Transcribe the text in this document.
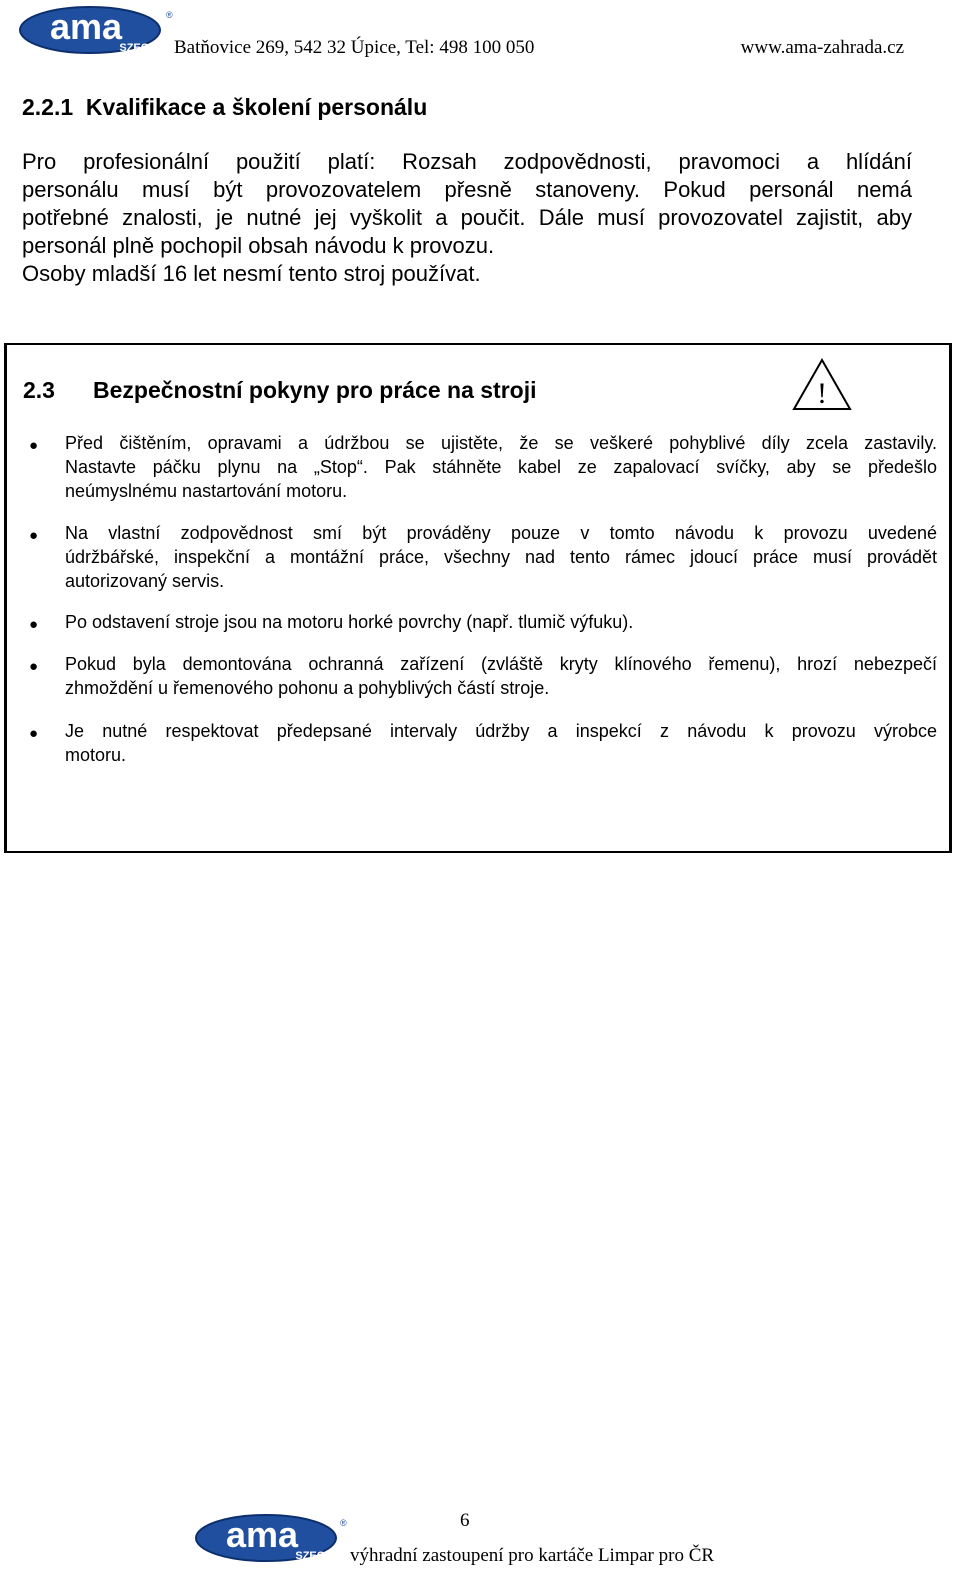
ama
SZECH
®
Batňovice 269, 542 32 Úpice, Tel: 498 100 050	www.ama-zahrada.cz
2.2.1  Kvalifikace a školení personálu
Pro profesionální použití platí: Rozsah zodpovědnosti, pravomoci a hlídání
personálu musí být provozovatelem přesně stanoveny. Pokud personál nemá
potřebné znalosti, je nutné jej vyškolit a poučit. Dále musí provozovatel zajistit, aby
personál plně pochopil obsah návodu k provozu.
Osoby mladší 16 let nesmí tento stroj používat.
2.3 Bezpečnostní pokyny pro práce na stroji	!
● Před čištěním, opravami a údržbou se ujistěte, že se veškeré pohyblivé díly zcela zastavily.
Nastavte páčku plynu na „Stop“. Pak stáhněte kabel ze zapalovací svíčky, aby se předešlo
neúmyslnému nastartování motoru.
● Na vlastní zodpovědnost smí být prováděny pouze v tomto návodu k provozu uvedené
údržbářské, inspekční a montážní práce, všechny nad tento rámec jdoucí práce musí provádět
autorizovaný servis.
● Po odstavení stroje jsou na motoru horké povrchy (např. tlumič výfuku).
● Pokud byla demontována ochranná zařízení (zvláště kryty klínového řemenu), hrozí nebezpečí
zhmoždění u řemenového pohonu a pohyblivých částí stroje.
● Je nutné respektovat předepsané intervaly údržby a inspekcí z návodu k provozu výrobce
motoru.
6
ama
SZECH
®
výhradní zastoupení pro kartáče Limpar pro ČR
